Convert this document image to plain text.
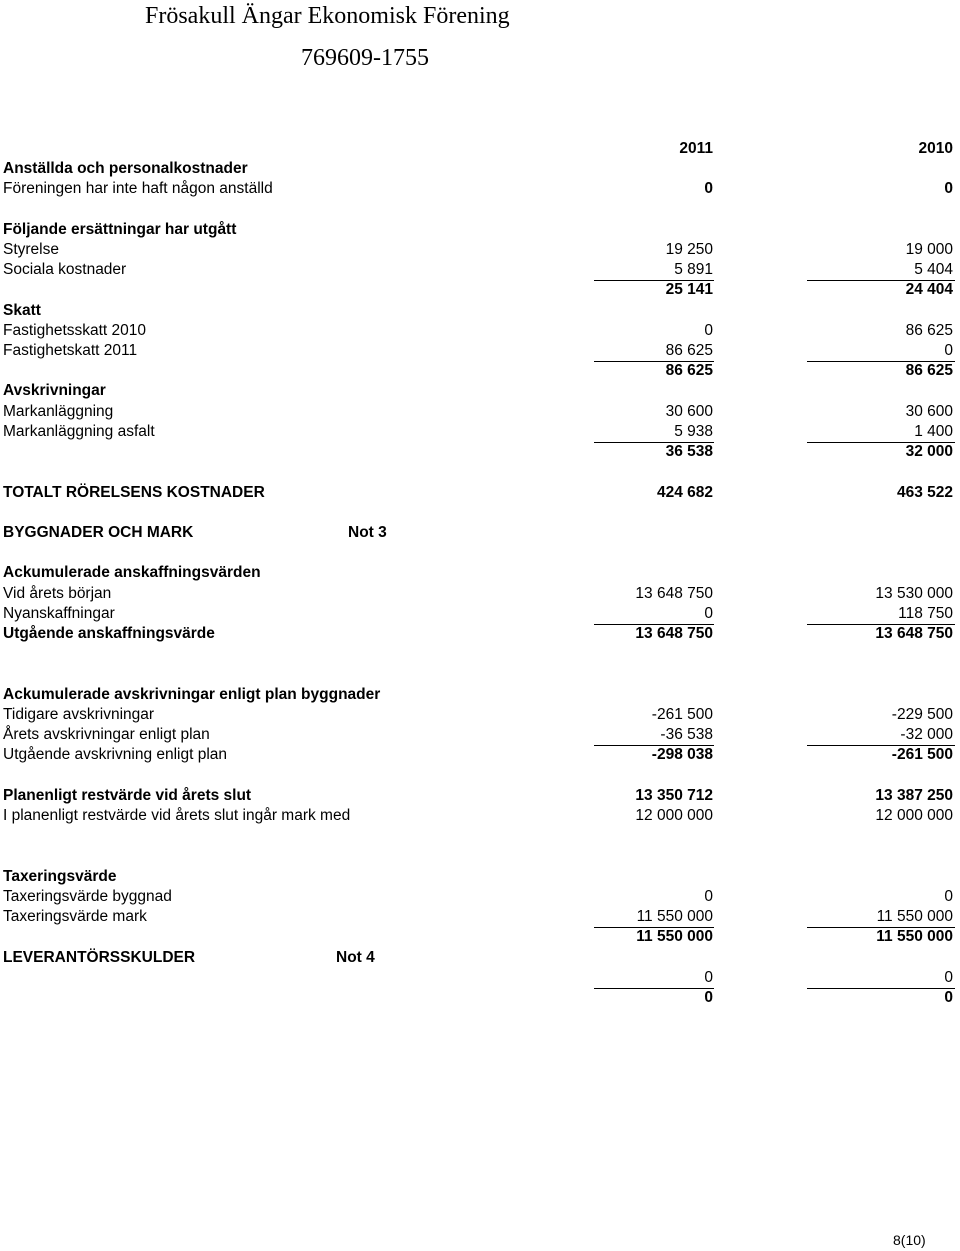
Frösakull Ängar Ekonomisk Förening
769609-1755
2011	2010
Anställda och personalkostnader
Föreningen har inte haft någon anställd	0	0
Följande ersättningar har utgått
Styrelse	19 250	19 000
Sociala kostnader	5 891	5 404
25 141	24 404
Skatt
Fastighetsskatt 2010	0	86 625
Fastighetskatt 2011	86 625	0
86 625	86 625
Avskrivningar
Markanläggning	30 600	30 600
Markanläggning asfalt	5 938	1 400
36 538	32 000
TOTALT RÖRELSENS KOSTNADER	424 682	463 522
BYGGNADER OCH MARK	Not 3
Ackumulerade anskaffningsvärden
Vid årets början	13 648 750	13 530 000
Nyanskaffningar	0	118 750
Utgående anskaffningsvärde	13 648 750	13 648 750
Ackumulerade avskrivningar enligt plan byggnader
Tidigare avskrivningar	-261 500	-229 500
Årets avskrivningar enligt plan	-36 538	-32 000
Utgående avskrivning enligt plan	-298 038	-261 500
Planenligt restvärde vid årets slut	13 350 712	13 387 250
I planenligt restvärde vid årets slut ingår mark med	12 000 000	12 000 000
Taxeringsvärde
Taxeringsvärde byggnad	0	0
Taxeringsvärde mark	11 550 000	11 550 000
11 550 000	11 550 000
LEVERANTÖRSSKULDER	Not 4
0	0
0	0
8(10)
